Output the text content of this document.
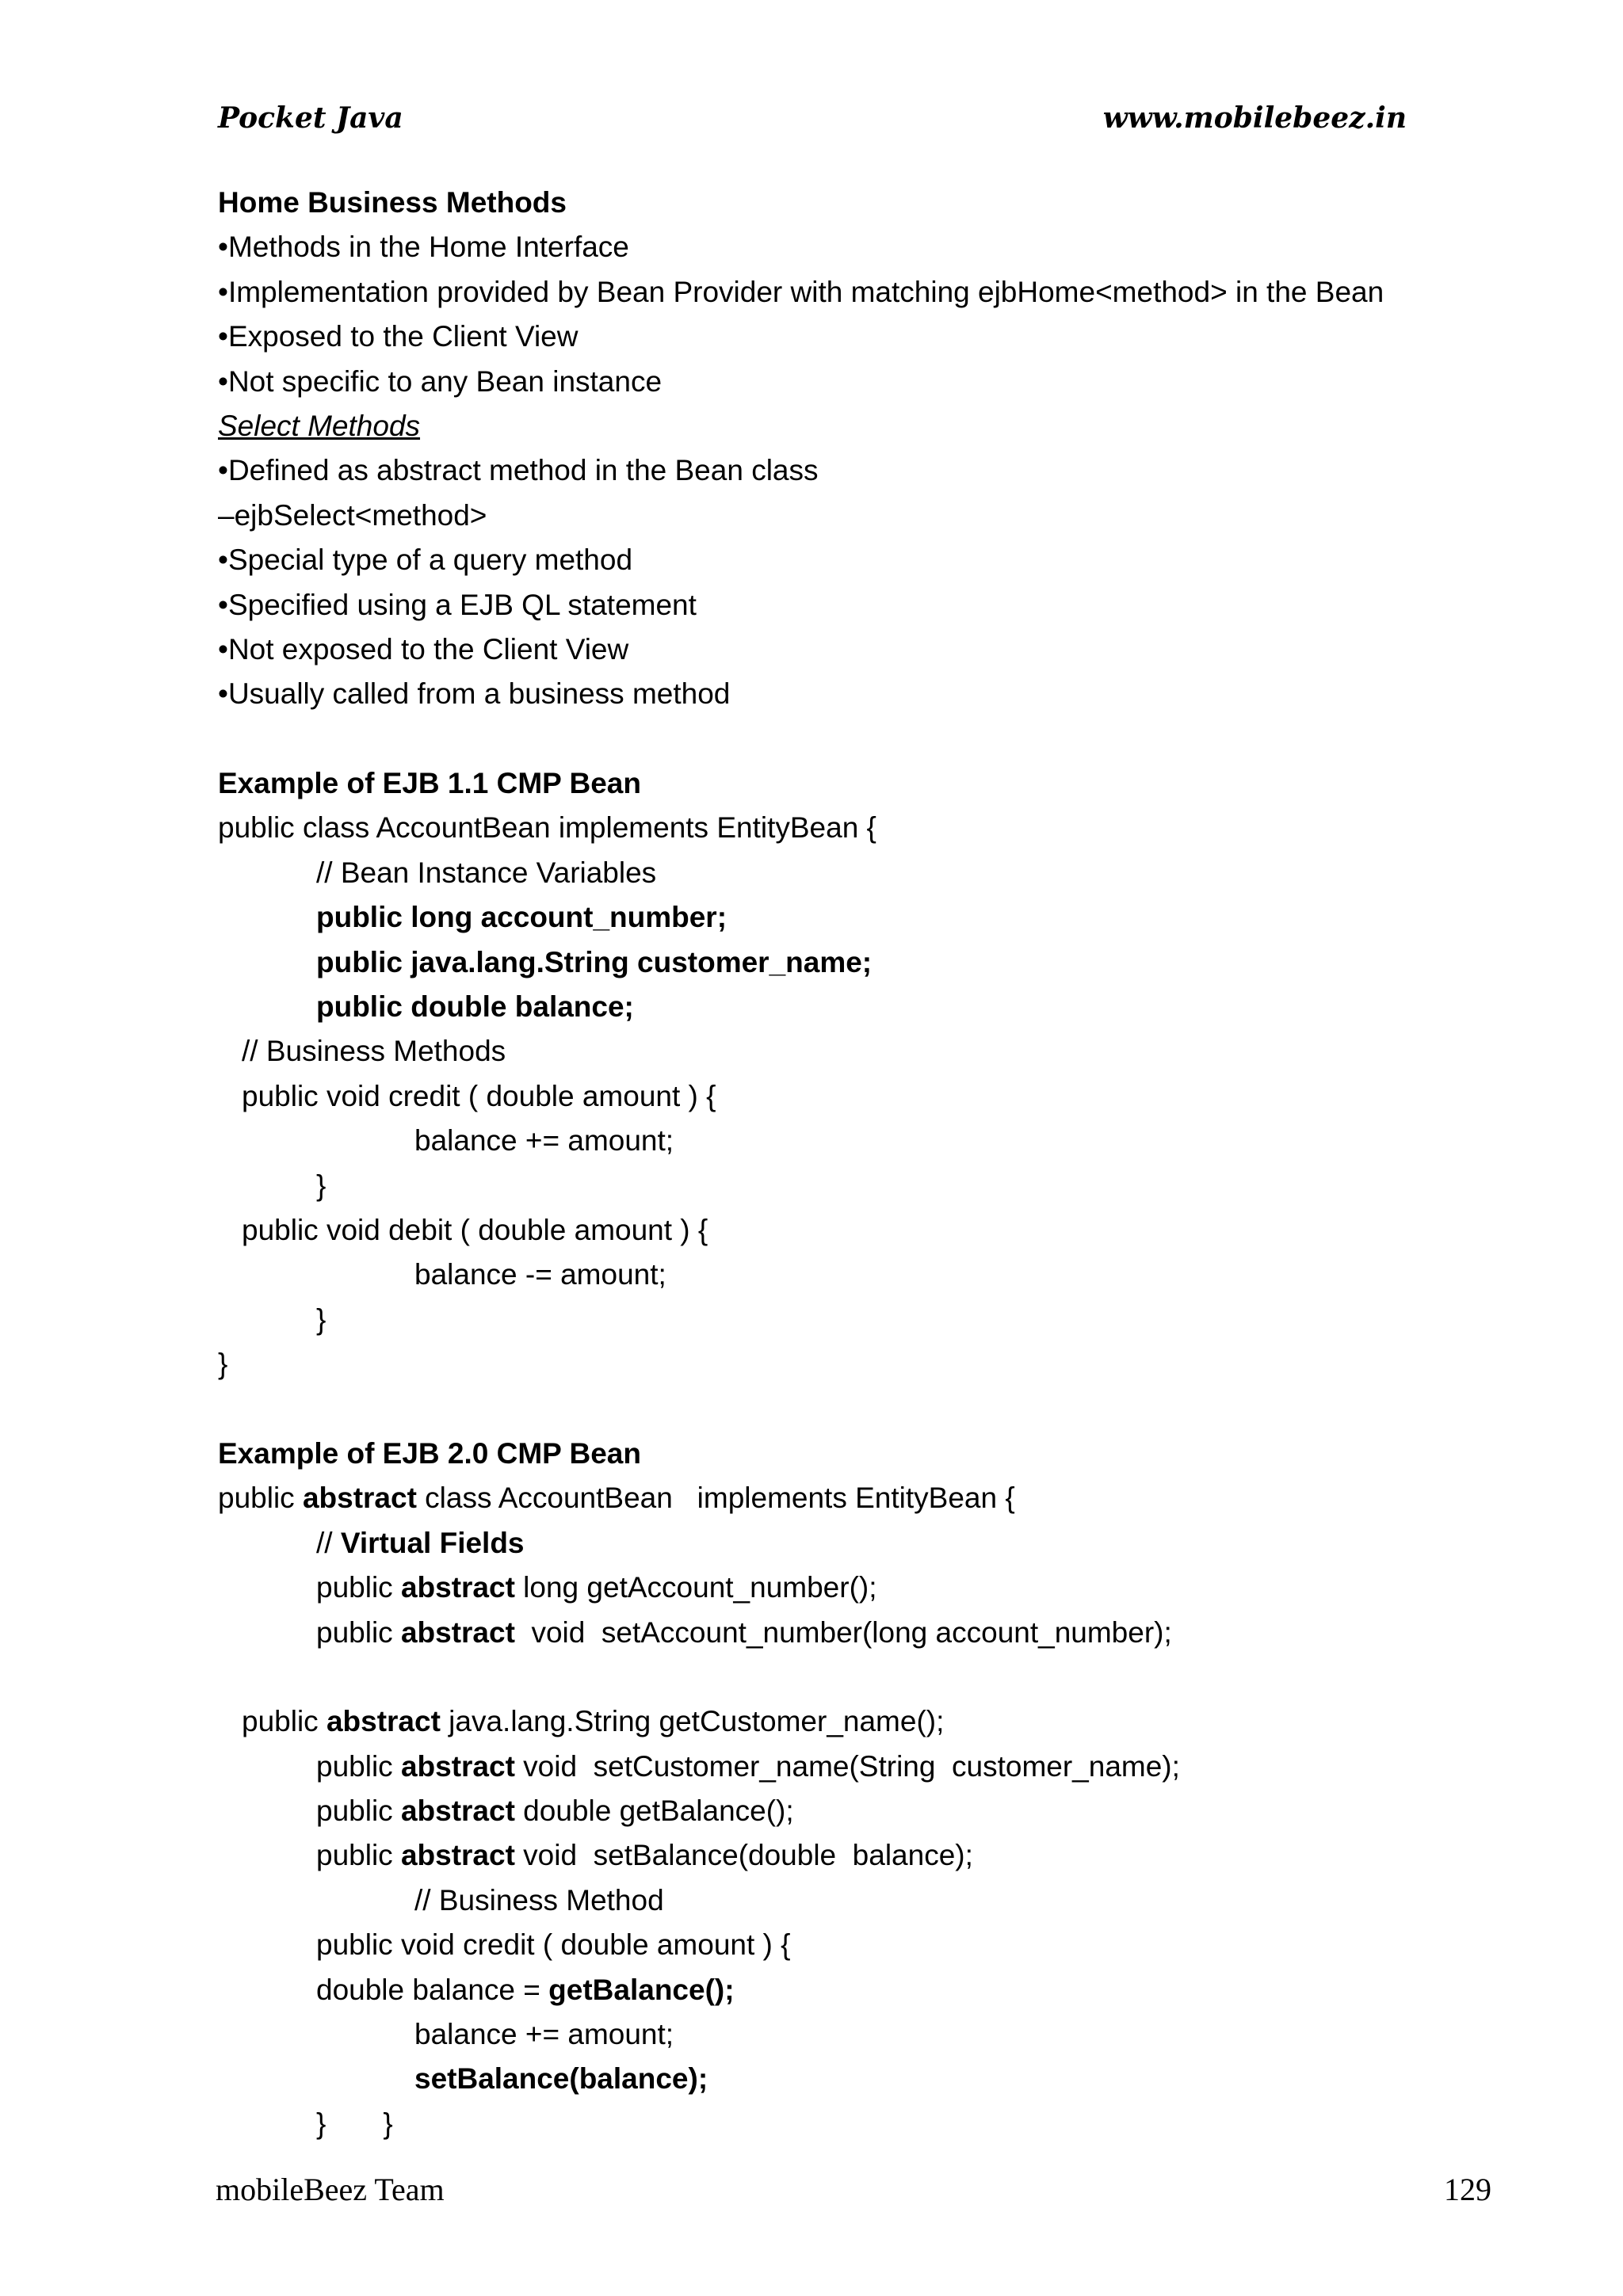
Pocket Java	www.mobilebeez.in
Home Business Methods
•Methods in the Home Interface
•Implementation provided by Bean Provider with matching ejbHome<method> in the Bean
•Exposed to the Client View
•Not specific to any Bean instance
Select Methods
•Defined as abstract method in the Bean class
–ejbSelect<method>
•Special type of a query method
•Specified using a EJB QL statement
•Not exposed to the Client View
•Usually called from a business method
Example of EJB 1.1 CMP Bean
public class AccountBean implements EntityBean {
// Bean Instance Variables
public long account_number;
public java.lang.String customer_name;
public double balance;
// Business Methods
public void credit ( double amount ) {
balance += amount;
}
public void debit ( double amount ) {
balance -= amount;
}
}
Example of EJB 2.0 CMP Bean
public abstract class AccountBean   implements EntityBean {
// Virtual Fields
public abstract long getAccount_number();
public abstract  void  setAccount_number(long account_number);
public abstract java.lang.String getCustomer_name();
public abstract void  setCustomer_name(String  customer_name);
public abstract double getBalance();
public abstract void  setBalance(double  balance);
// Business Method
public void credit ( double amount ) {
double balance = getBalance();
balance += amount;
setBalance(balance);
}       }
mobileBeez Team	129
